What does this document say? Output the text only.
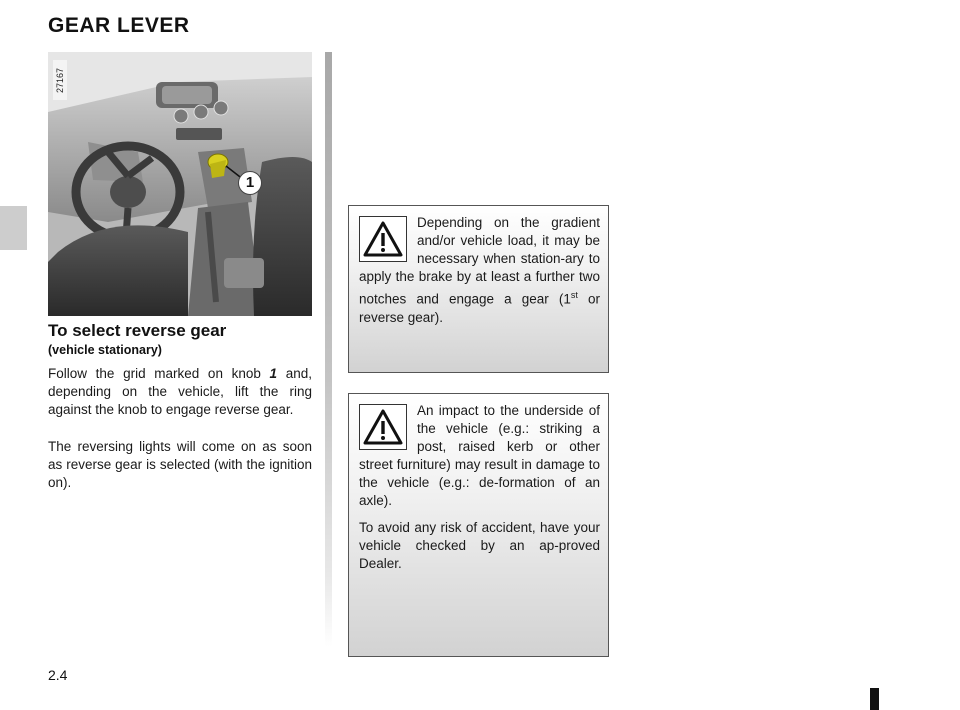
GEAR LEVER
27167
1
To select reverse gear

(vehicle stationary)

Follow the grid marked on knob 1 and, depending on the vehicle, lift the ring against the knob to engage reverse gear.

The reversing lights will come on as soon as reverse gear is selected (with the ignition on).

Depending on the gradient and/or vehicle load, it may be necessary when station-ary to apply the brake by at least a further two notches and engage a gear (1st or reverse gear).

An impact to the underside of the vehicle (e.g.: striking a post, raised kerb or other street furniture) may result in damage to the vehicle (e.g.: de-formation of an axle).

To avoid any risk of accident, have your vehicle checked by an ap-proved Dealer.

2.4
